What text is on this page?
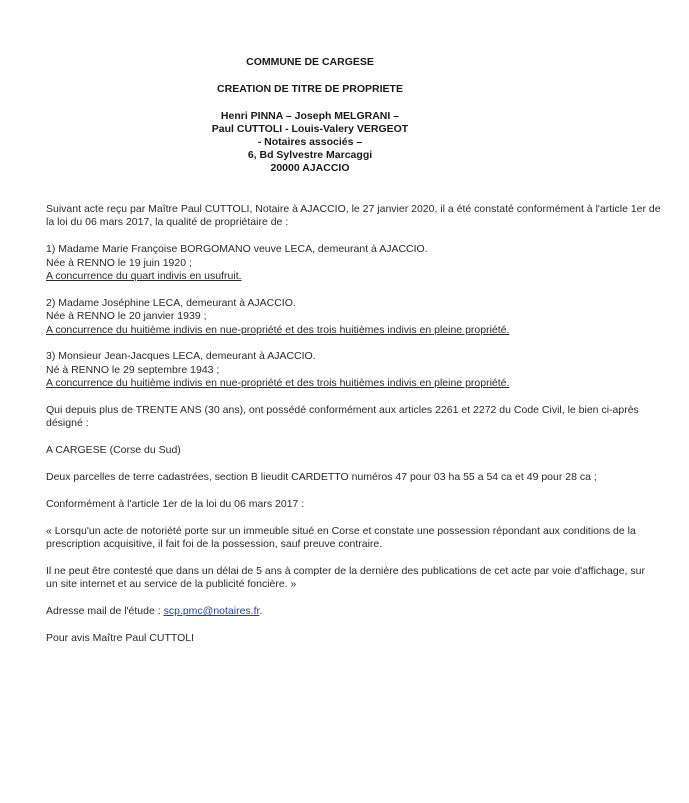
COMMUNE DE CARGESE
CREATION DE TITRE DE PROPRIETE
Henri PINNA – Joseph MELGRANI –
Paul CUTTOLI - Louis-Valery VERGEOT
- Notaires associés –
6, Bd Sylvestre Marcaggi
20000 AJACCIO

Suivant acte reçu par Maître Paul CUTTOLI, Notaire à AJACCIO, le 27 janvier 2020, il a été constaté conformément à l'article 1er de
la loi du 06 mars 2017, la qualité de propriétaire de :

1) Madame Marie Françoise BORGOMANO veuve LECA, demeurant à AJACCIO.
Née à RENNO le 19 juin 1920 ;
A concurrence du quart indivis en usufruit.

2) Madame Joséphine LECA, demeurant à AJACCIO.
Née à RENNO le 20 janvier 1939 ;
A concurrence du huitième indivis en nue-propriété et des trois huitièmes indivis en pleine propriété.

3) Monsieur Jean-Jacques LECA, demeurant à AJACCIO.
Né à RENNO le 29 septembre 1943 ;
A concurrence du huitième indivis en nue-propriété et des trois huitièmes indivis en pleine propriété.

Qui depuis plus de TRENTE ANS (30 ans), ont possédé conformément aux articles 2261 et 2272 du Code Civil, le bien ci-après
désigné :

A CARGESE (Corse du Sud)

Deux parcelles de terre cadastrées, section B lieudit CARDETTO numéros 47 pour 03 ha 55 a 54 ca et 49 pour 28 ca ;

Conformément à l'article 1er de la loi du 06 mars 2017 :

« Lorsqu'un acte de notoriété porte sur un immeuble situé en Corse et constate une possession répondant aux conditions de la
prescription acquisitive, il fait foi de la possession, sauf preuve contraire.

Il ne peut être contesté que dans un délai de 5 ans à compter de la dernière des publications de cet acte par voie d'affichage, sur
un site internet et au service de la publicité foncière. »

Adresse mail de l'étude : scp.pmc@notaires.fr.

Pour avis Maître Paul CUTTOLI
